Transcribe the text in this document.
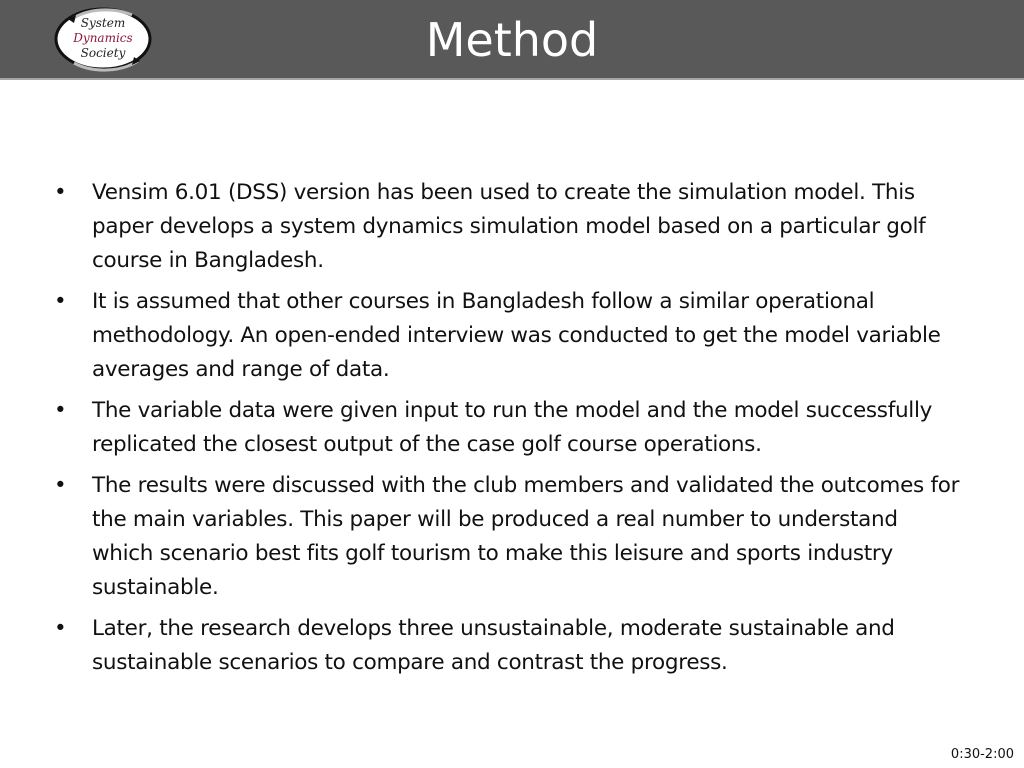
System
Dynamics
Society	Method
•	Vensim 6.01 (DSS) version has been used to create the simulation model. This paper develops a system dynamics simulation model based on a particular golf course in Bangladesh.
•	It is assumed that other courses in Bangladesh follow a similar operational methodology. An open-ended interview was conducted to get the model variable averages and range of data.
•	The variable data were given input to run the model and the model successfully replicated the closest output of the case golf course operations.
•	The results were discussed with the club members and validated the outcomes for the main variables. This paper will be produced a real number to understand which scenario best fits golf tourism to make this leisure and sports industry sustainable.
•	Later, the research develops three unsustainable, moderate sustainable and sustainable scenarios to compare and contrast the progress.
0:30-2:00
